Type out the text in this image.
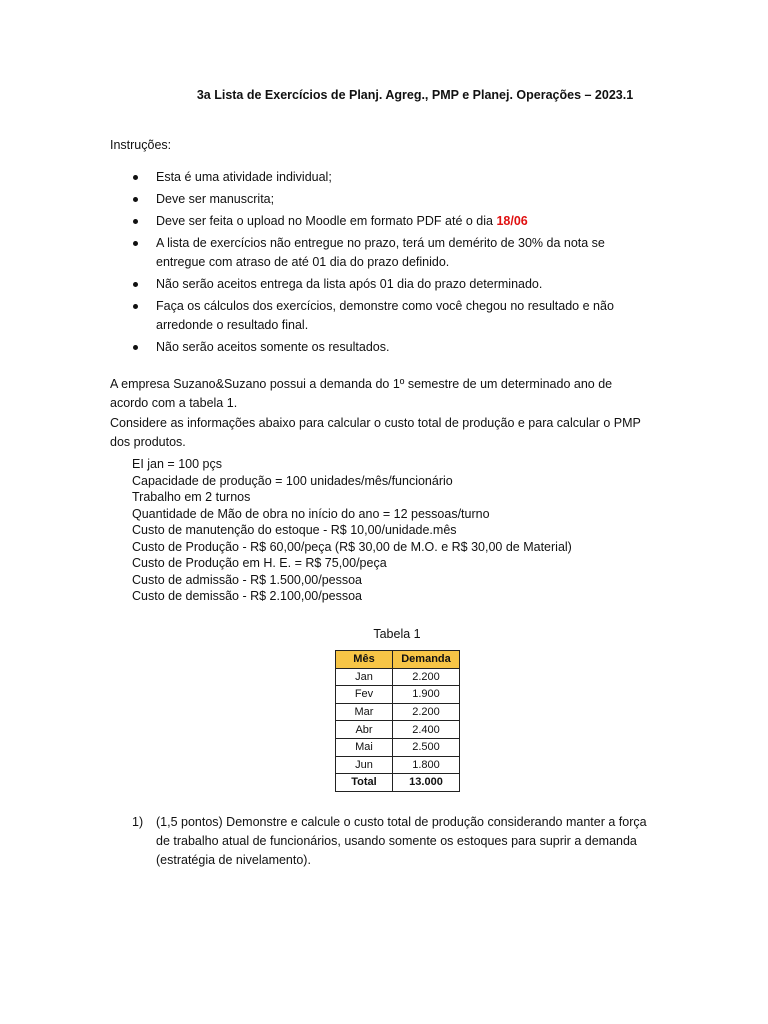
3a Lista de Exercícios de Planj. Agreg., PMP e Planej. Operações – 2023.1
Instruções:
Esta é uma atividade individual;
Deve ser manuscrita;
Deve ser feita o upload no Moodle em formato PDF até o dia 18/06
A lista de exercícios não entregue no prazo, terá um demérito de 30% da nota se entregue com atraso de até 01 dia do prazo definido.
Não serão aceitos entrega da lista após 01 dia do prazo determinado.
Faça os cálculos dos exercícios, demonstre como você chegou no resultado e não arredonde o resultado final.
Não serão aceitos somente os resultados.
A empresa Suzano&Suzano possui a demanda do 1º semestre de um determinado ano de acordo com a tabela 1.
Considere as informações abaixo para calcular o custo total de produção e para calcular o PMP dos produtos.
EI jan = 100 pçs
Capacidade de produção = 100 unidades/mês/funcionário
Trabalho em 2 turnos
Quantidade de Mão de obra no início do ano = 12 pessoas/turno
Custo de manutenção do estoque - R$ 10,00/unidade.mês
Custo de Produção - R$ 60,00/peça (R$ 30,00 de M.O. e R$ 30,00 de Material)
Custo de Produção em H. E. = R$ 75,00/peça
Custo de admissão - R$ 1.500,00/pessoa
Custo de demissão - R$ 2.100,00/pessoa
Tabela 1
Mês	Demanda
Jan	2.200
Fev	1.900
Mar	2.200
Abr	2.400
Mai	2.500
Jun	1.800
Total	13.000
1) (1,5 pontos) Demonstre e calcule o custo total de produção considerando manter a força de trabalho atual de funcionários, usando somente os estoques para suprir a demanda (estratégia de nivelamento).
